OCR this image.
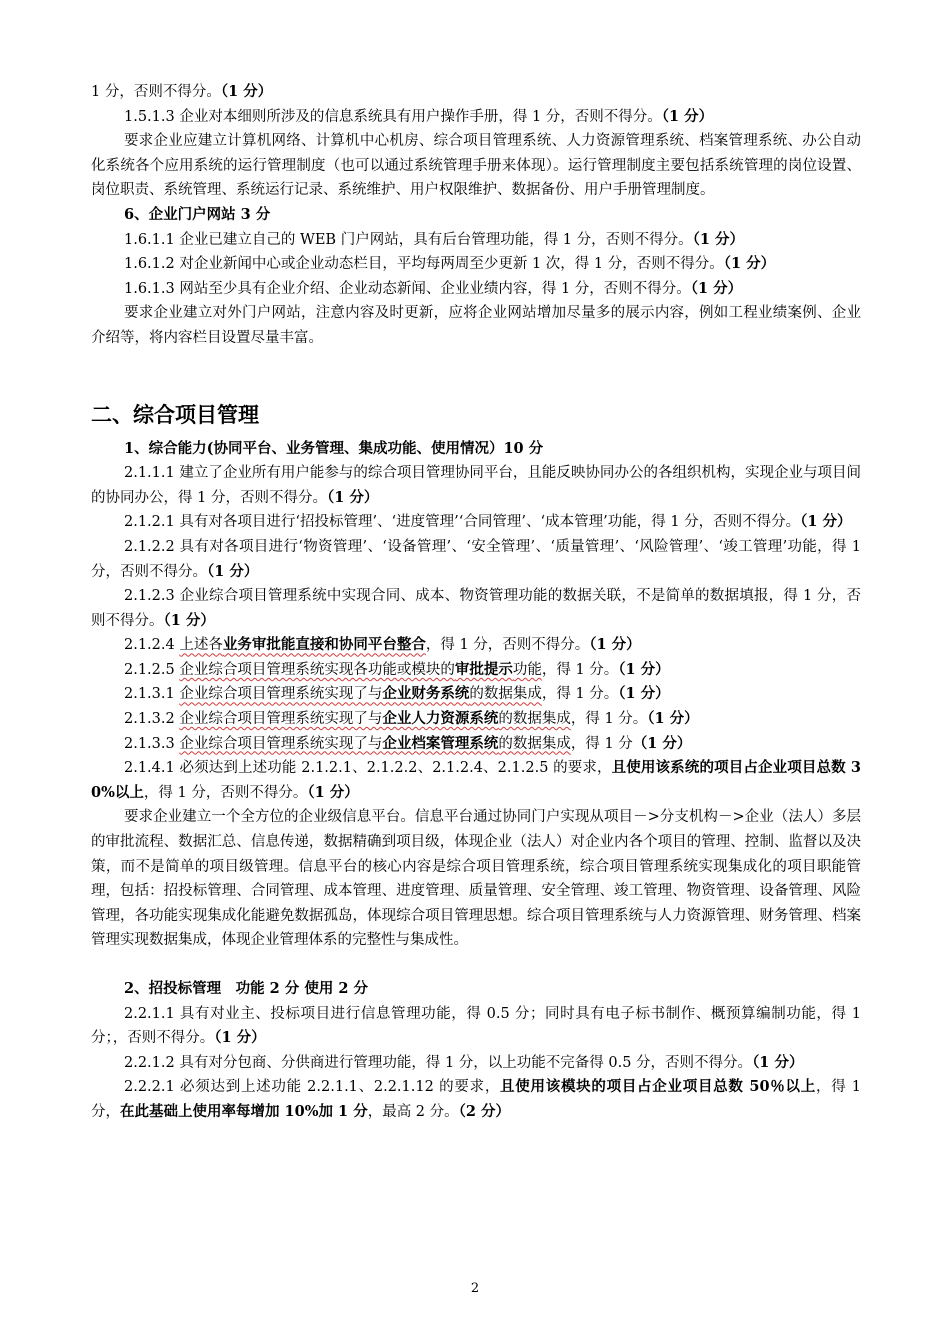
1 分，否则不得分。（1 分）

1.5.1.3 企业对本细则所涉及的信息系统具有用户操作手册，得 1 分，否则不得分。（1 分）

要求企业应建立计算机网络、计算机中心机房、综合项目管理系统、人力资源管理系统、档案管理系统、办公自动化系统各个应用系统的运行管理制度（也可以通过系统管理手册来体现）。运行管理制度主要包括系统管理的岗位设置、岗位职责、系统管理、系统运行记录、系统维护、用户权限维护、数据备份、用户手册管理制度。

6、企业门户网站 3 分

1.6.1.1 企业已建立自己的 WEB 门户网站，具有后台管理功能，得 1 分，否则不得分。（1 分）

1.6.1.2 对企业新闻中心或企业动态栏目，平均每两周至少更新 1 次，得 1 分，否则不得分。（1 分）

1.6.1.3 网站至少具有企业介绍、企业动态新闻、企业业绩内容，得 1 分，否则不得分。（1 分）

要求企业建立对外门户网站，注意内容及时更新，应将企业网站增加尽量多的展示内容，例如工程业绩案例、企业介绍等，将内容栏目设置尽量丰富。

二、综合项目管理

1、综合能力(协同平台、业务管理、集成功能、使用情况）10 分

2.1.1.1 建立了企业所有用户能参与的综合项目管理协同平台，且能反映协同办公的各组织机构，实现企业与项目间的协同办公，得 1 分，否则不得分。（1 分）

2.1.2.1 具有对各项目进行‘招投标管理’、‘进度管理’‘合同管理’、‘成本管理’功能，得 1 分，否则不得分。（1 分）

2.1.2.2 具有对各项目进行‘物资管理’、‘设备管理’、‘安全管理’、‘质量管理’、‘风险管理’、‘竣工管理’功能，得 1 分，否则不得分。（1 分）

2.1.2.3 企业综合项目管理系统中实现合同、成本、物资管理功能的数据关联，不是简单的数据填报，得 1 分，否则不得分。（1 分）

2.1.2.4 上述各业务审批能直接和协同平台整合，得 1 分，否则不得分。（1 分）

2.1.2.5 企业综合项目管理系统实现各功能或模块的审批提示功能，得 1 分。（1 分）

2.1.3.1 企业综合项目管理系统实现了与企业财务系统的数据集成，得 1 分。（1 分）

2.1.3.2 企业综合项目管理系统实现了与企业人力资源系统的数据集成，得 1 分。（1 分）

2.1.3.3 企业综合项目管理系统实现了与企业档案管理系统的数据集成，得 1 分（1 分）

2.1.4.1 必须达到上述功能 2.1.2.1、2.1.2.2、2.1.2.4、2.1.2.5 的要求，且使用该系统的项目占企业项目总数 30%以上，得 1 分，否则不得分。（1 分）

要求企业建立一个全方位的企业级信息平台。信息平台通过协同门户实现从项目－>分支机构－>企业（法人）多层的审批流程、数据汇总、信息传递，数据精确到项目级，体现企业（法人）对企业内各个项目的管理、控制、监督以及决策，而不是简单的项目级管理。信息平台的核心内容是综合项目管理系统，综合项目管理系统实现集成化的项目职能管理，包括：招投标管理、合同管理、成本管理、进度管理、质量管理、安全管理、竣工管理、物资管理、设备管理、风险管理，各功能实现集成化能避免数据孤岛，体现综合项目管理思想。综合项目管理系统与人力资源管理、财务管理、档案管理实现数据集成，体现企业管理体系的完整性与集成性。

2、招投标管理　功能 2 分 使用 2 分

2.2.1.1 具有对业主、投标项目进行信息管理功能，得 0.5 分；同时具有电子标书制作、概预算编制功能，得 1 分；，否则不得分。（1 分）

2.2.1.2 具有对分包商、分供商进行管理功能，得 1 分，以上功能不完备得 0.5 分，否则不得分。（1 分）

2.2.2.1 必须达到上述功能 2.2.1.1、2.2.1.12 的要求，且使用该模块的项目占企业项目总数 50％以上，得 1 分，在此基础上使用率每增加 10%加 1 分，最高 2 分。（2 分）

2
